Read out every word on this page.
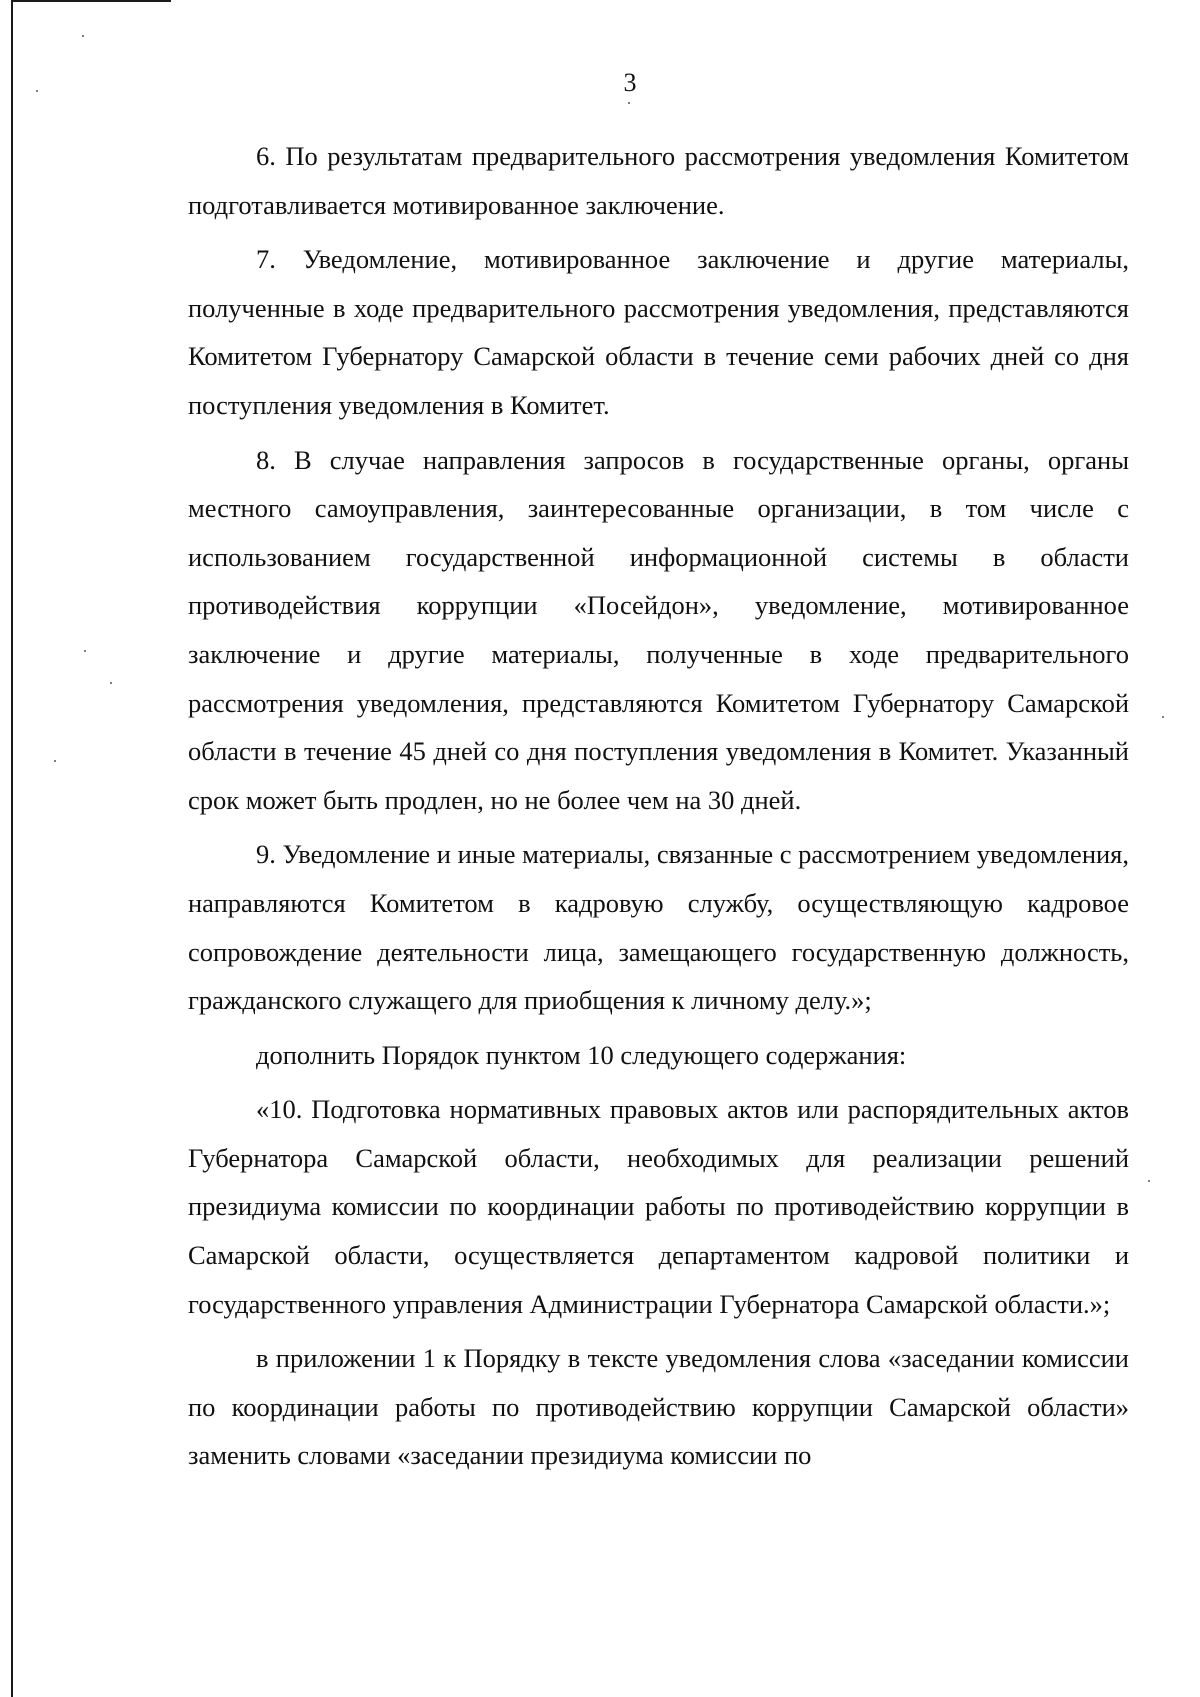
3

6. По результатам предварительного рассмотрения уведомления Комитетом подготавливается мотивированное заключение.

7. Уведомление, мотивированное заключение и другие материалы, полученные в ходе предварительного рассмотрения уведомления, представляются Комитетом Губернатору Самарской области в течение семи рабочих дней со дня поступления уведомления в Комитет.

8. В случае направления запросов в государственные органы, органы местного самоуправления, заинтересованные организации, в том числе с использованием государственной информационной системы в области противодействия коррупции «Посейдон», уведомление, мотивированное заключение и другие материалы, полученные в ходе предварительного рассмотрения уведомления, представляются Комитетом Губернатору Самарской области в течение 45 дней со дня поступления уведомления в Комитет. Указанный срок может быть продлен, но не более чем на 30 дней.

9. Уведомление и иные материалы, связанные с рассмотрением уведомления, направляются Комитетом в кадровую службу, осуществляющую кадровое сопровождение деятельности лица, замещающего государственную должность, гражданского служащего для приобщения к личному делу.»;

дополнить Порядок пунктом 10 следующего содержания:

«10. Подготовка нормативных правовых актов или распорядительных актов Губернатора Самарской области, необходимых для реализации решений президиума комиссии по координации работы по противодействию коррупции в Самарской области, осуществляется департаментом кадровой политики и государственного управления Администрации Губернатора Самарской области.»;

в приложении 1 к Порядку в тексте уведомления слова «заседании комиссии по координации работы по противодействию коррупции Самарской области» заменить словами «заседании президиума комиссии по
